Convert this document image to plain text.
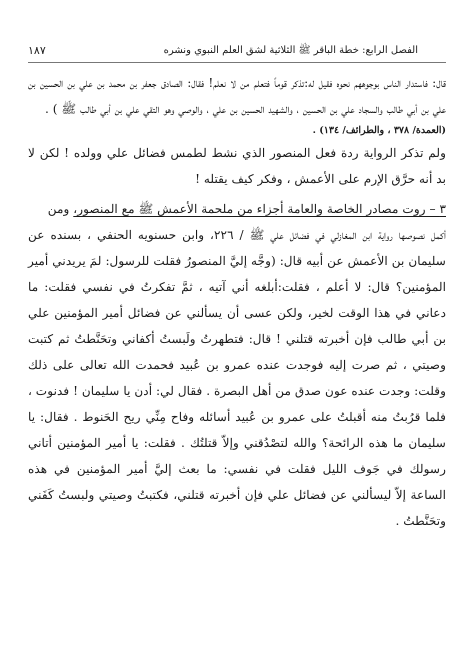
الفصل الرابع: خطة الباقر ﷺ الثلاثية لشق العلم النبوي ونشره
١٨٧

قال: فاستدار الناس بوجوههم نحوه فقيل له:تذكر قوماً فتعلم من لا نعلم! فقال: الصادق جعفر بن محمد بن علي بن الحسين بن علي بن أبي طالب والسجاد علي بن الحسين ، والشهيد الحسين بن علي ، والوصي وهو التقي علي بن أبي طالب ﷺ ) .

(العمدة/ ٣٧٨ ، والطرائف/ ١٣٤) .

ولم تذكر الرواية ردة فعل المنصور الذي نشط لطمس فضائل علي وولده ! لكن لا بد أنه حرَّق الإرم على الأعمش ، وفكر كيف يقتله !

٣ – روت مصادر الخاصة والعامة أجزاء من ملحمة الأعمش ﷺ مع المنصور، ومن

أكمل نصوصها رواية ابن المغازلي في فضائل علي ﷺ / ٢٢٦، وابن حسنويه الحنفي ، بسنده عن سليمان بن الأعمش عن أبيه قال: (وجَّه إليَّ المنصورُ فقلت للرسول: لمَ يريدني أمير المؤمنين؟ قال: لا أعلم ، فقلت:أبلغه أني آتيه ، ثمَّ تفكرتُ في نفسي فقلت: ما دعاني في هذا الوقت لخير، ولكن عسى أن يسألني عن فضائل أمير المؤمنين علي بن أبي طالب فإن أخبرته قتلني ! قال: فتطهرتُ ولَبستُ أكفاني وتحَنَّطتُ ثم كتبت وصيتي ، ثم صرت إليه فوجدت عنده عمرو بن عُبيد فحمدت الله تعالى على ذلك وقلت: وجدت عنده عون صدق من أهل البصرة . فقال لي: أدن يا سليمان ! فدنوت ، فلما قرُبتُ منه أقبلتُ على عمرو بن عُبيد أسائله وفاح مِنِّي ريح الحَنوط . فقال: يا سليمان ما هذه الرائحة؟ والله لتصْدُقني وإلاّ قتلتُك . فقلت: يا أمير المؤمنين أتاني رسولك في جَوف الليل فقلت في نفسي: ما بعث إليَّ أمير المؤمنين في هذه الساعة إلاّ ليسألني عن فضائل علي فإن أخبرته قتلني، فكتبتُ وصيتي ولبستُ كَفَني وتحَنَّطتُ .
